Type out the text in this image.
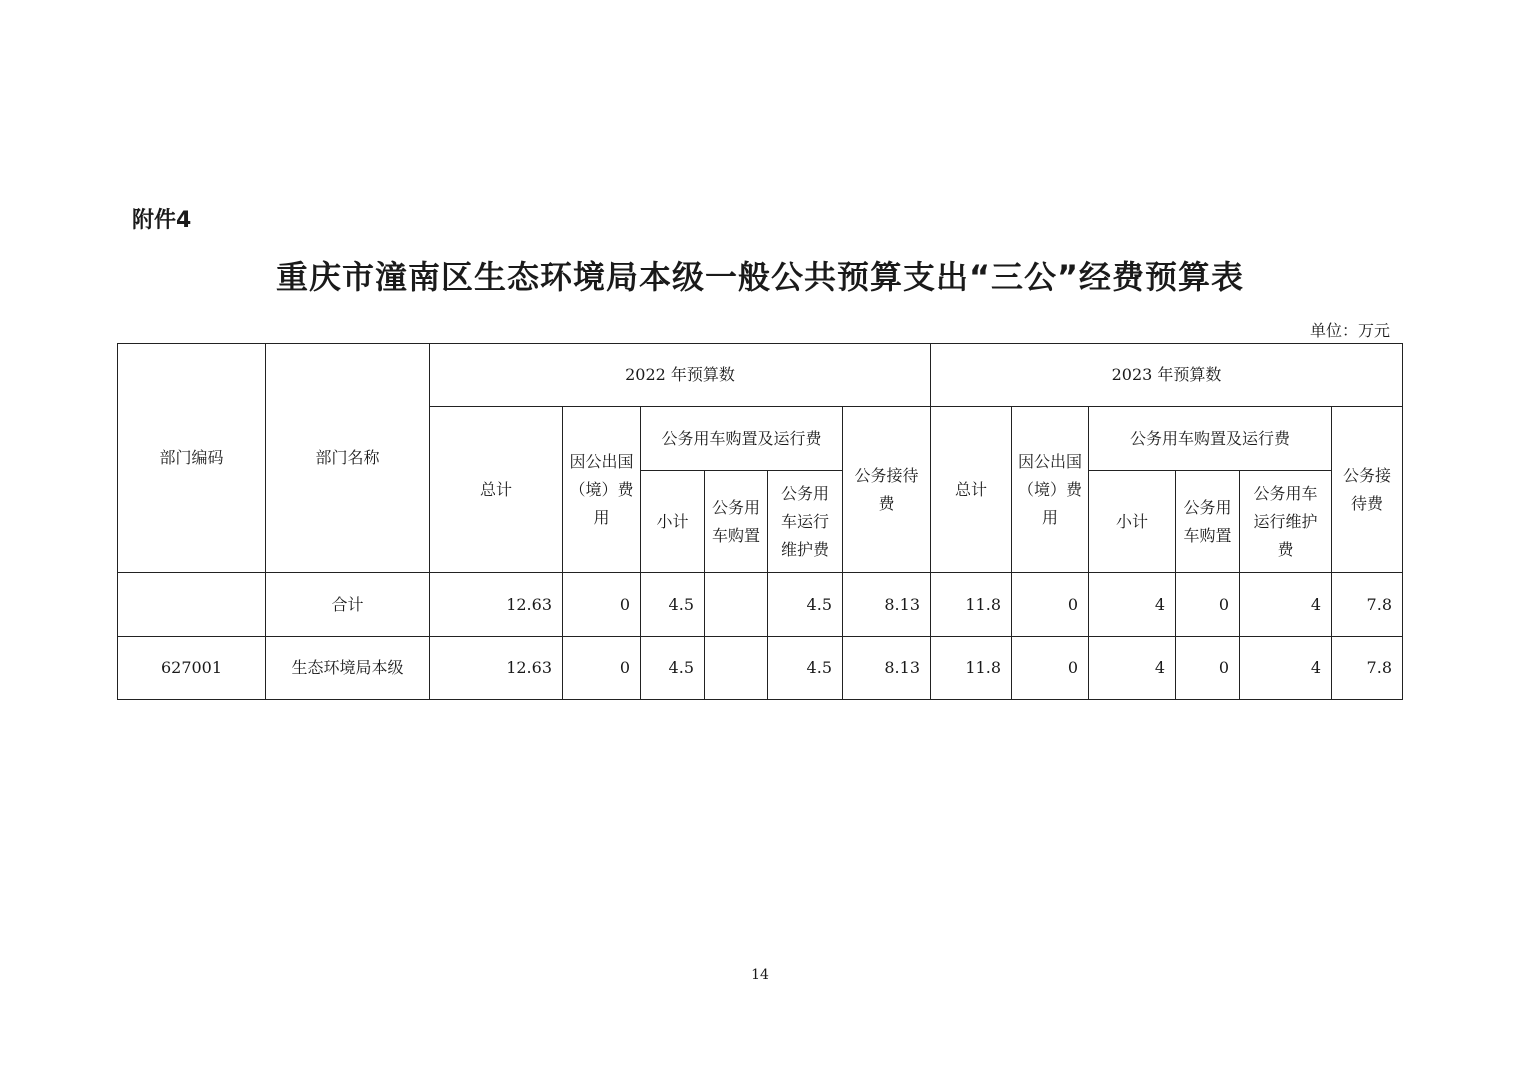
附件4
重庆市潼南区生态环境局本级一般公共预算支出“三公”经费预算表
单位：万元
部门编码	部门名称	2022 年预算数						2023 年预算数					
		总计	因公出国（境）费用	公务用车购置及运行费			公务接待费	总计	因公出国（境）费用	公务用车购置及运行费			公务接待费
				小计	公务用车购置	公务用车运行维护费				小计	公务用车购置	公务用车运行维护费	
	合计	12.63	0	4.5		4.5	8.13	11.8	0	4	0	4	7.8
627001	生态环境局本级	12.63	0	4.5		4.5	8.13	11.8	0	4	0	4	7.8
14
